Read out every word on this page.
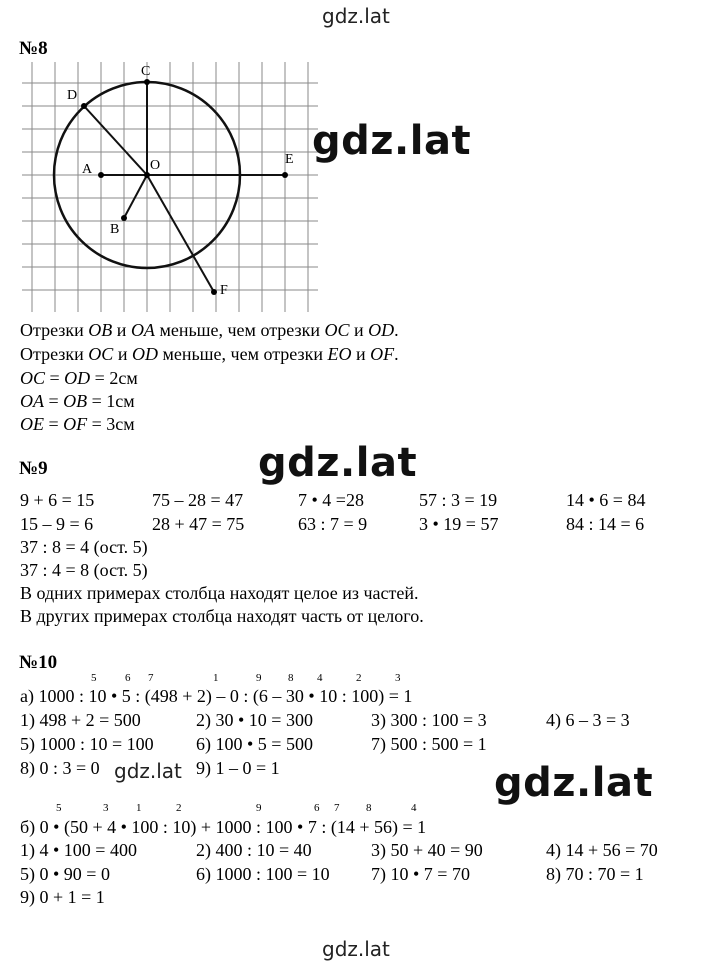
gdz.lat
№8
C
D
A	O	E
B
F
gdz.lat
Отрезки OB и OA меньше, чем отрезки OC и OD.
Отрезки OC и OD меньше, чем отрезки EO и OF.
OC = OD = 2см
OA = OB = 1см
OE = OF = 3см
№9	gdz.lat
9 + 6 = 15	75 – 28 = 47	7 • 4 =28	57 : 3 = 19	14 • 6 = 84
15 – 9 = 6	28 + 47 = 75	63 : 7 = 9	3 • 19 = 57	84 : 14 = 6
37 : 8 = 4 (ост. 5)
37 : 4 = 8 (ост. 5)
В одних примерах столбца находят целое из частей.
В других примерах столбца находят часть от целого.
№10
5	6 7	1	9 8 4	2	3
а) 1000 : 10 • 5 : (498 + 2) – 0 : (6 – 30 • 10 : 100) = 1
1) 498 + 2 = 500	2) 30 • 10 = 300	3) 300 : 100 = 3	4) 6 – 3 = 3
5) 1000 : 10 = 100 6) 100 • 5 = 500	7) 500 : 500 = 1
8) 0 : 3 = 0 gdz.lat 9) 1 – 0 = 1	gdz.lat
5	3	1	2	9	6 7 8	4
б) 0 • (50 + 4 • 100 : 10) + 1000 : 100 • 7 : (14 + 56) = 1
1) 4 • 100 = 400	2) 400 : 10 = 40	3) 50 + 40 = 90	4) 14 + 56 = 70
5) 0 • 90 = 0	6) 1000 : 100 = 10 7) 10 • 7 = 70	8) 70 : 70 = 1
9) 0 + 1 = 1
gdz.lat
